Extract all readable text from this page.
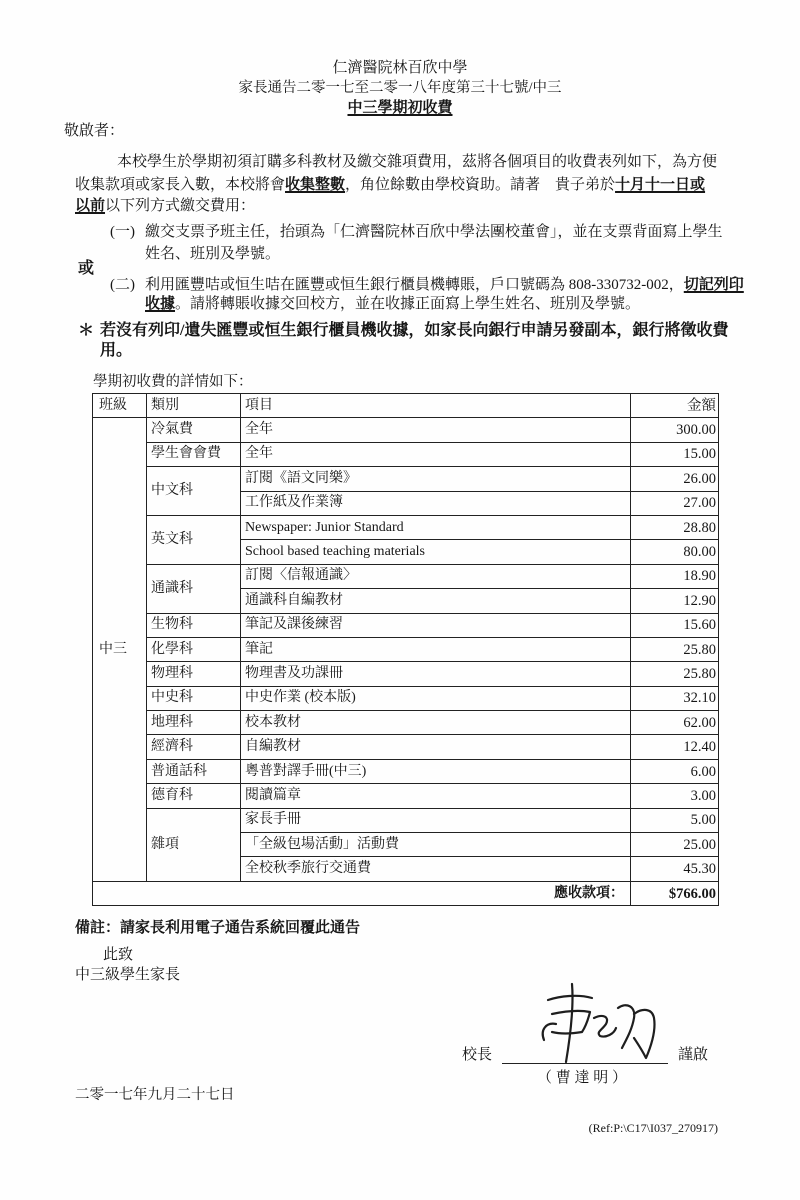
仁濟醫院林百欣中學
家長通告二零一七至二零一八年度第三十七號/中三
中三學期初收費
敬啟者：
本校學生於學期初須訂購多科教材及繳交雜項費用，茲將各個項目的收費表列如下，為方便
收集款項或家長入數，本校將會收集整數，角位餘數由學校資助。請著　貴子弟於十月十一日或
以前以下列方式繳交費用：
(一) 繳交支票予班主任，抬頭為「仁濟醫院林百欣中學法團校董會」，並在支票背面寫上學生
姓名、班別及學號。
或
(二) 利用匯豐咭或恒生咭在匯豐或恒生銀行櫃員機轉賬，戶口號碼為 808-330732-002，切記列印
收據。請將轉賬收據交回校方，並在收據正面寫上學生姓名、班別及學號。
＊ 若沒有列印/遺失匯豐或恒生銀行櫃員機收據，如家長向銀行申請另發副本，銀行將徵收費
用。
學期初收費的詳情如下：
班級	類別	項目	金額
中三	冷氣費	全年	300.00
	學生會會費	全年	15.00
	中文科	訂閱《語文同樂》	26.00
		工作紙及作業簿	27.00
	英文科	Newspaper: Junior Standard	28.80
		School based teaching materials	80.00
	通識科	訂閱〈信報通識〉	18.90
		通識科自編教材	12.90
	生物科	筆記及課後練習	15.60
	化學科	筆記	25.80
	物理科	物理書及功課冊	25.80
	中史科	中史作業 (校本版)	32.10
	地理科	校本教材	62.00
	經濟科	自編教材	12.40
	普通話科	粵普對譯手冊(中三)	6.00
	德育科	閱讀篇章	3.00
	雜項	家長手冊	5.00
		「全級包場活動」活動費	25.00
		全校秋季旅行交通費	45.30
應收款項：			$766.00
備註：請家長利用電子通告系統回覆此通告
此致
中三級學生家長
校長	謹啟
（ 曹 達 明 ）
二零一七年九月二十七日
(Ref:P:\C17\I037_270917)
